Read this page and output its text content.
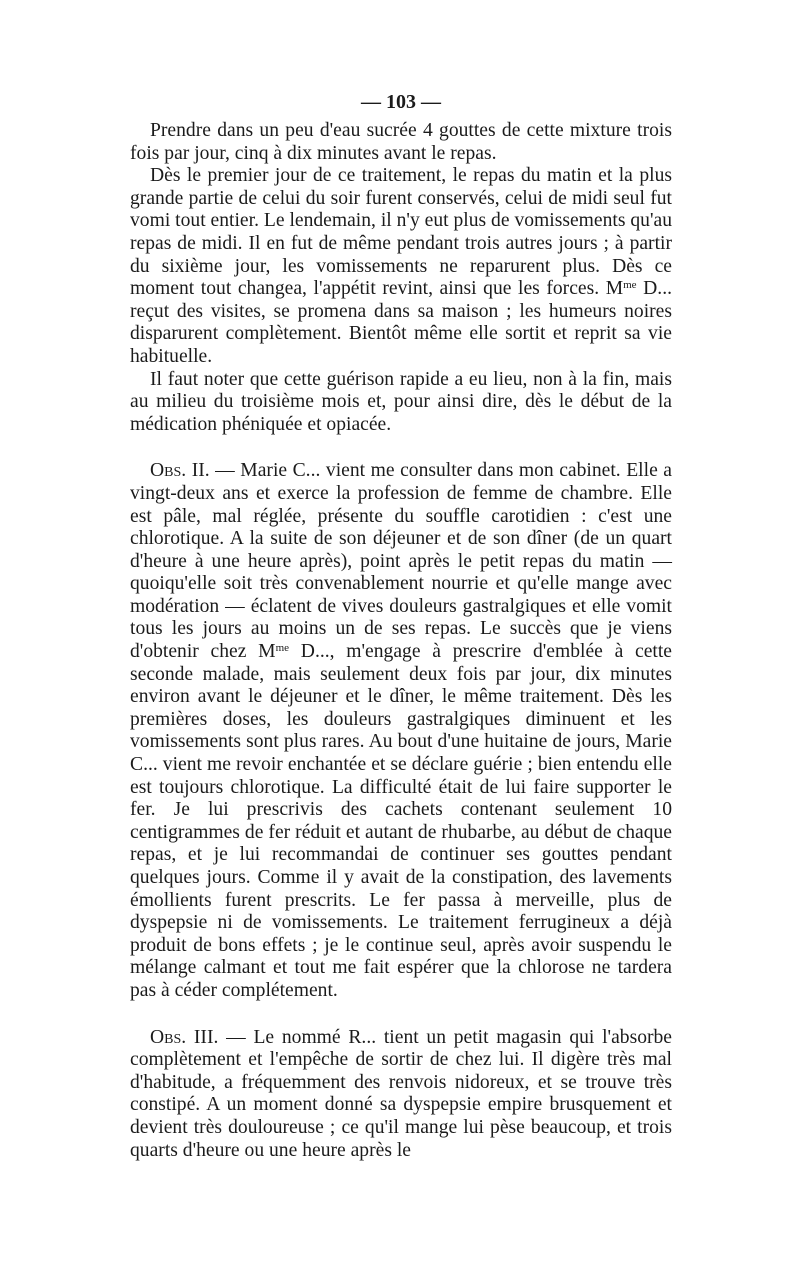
— 103 —

Prendre dans un peu d'eau sucrée 4 gouttes de cette mixture trois fois par jour, cinq à dix minutes avant le repas.

Dès le premier jour de ce traitement, le repas du matin et la plus grande partie de celui du soir furent conservés, celui de midi seul fut vomi tout entier. Le lendemain, il n'y eut plus de vomissements qu'au repas de midi. Il en fut de même pendant trois autres jours ; à partir du sixième jour, les vomissements ne reparurent plus. Dès ce moment tout changea, l'appétit revint, ainsi que les forces. $M^{me}$ D... reçut des visites, se promena dans sa maison ; les humeurs noires disparurent complètement. Bientôt même elle sortit et reprit sa vie habituelle.

Il faut noter que cette guérison rapide a eu lieu, non à la fin, mais au milieu du troisième mois et, pour ainsi dire, dès le début de la médication phéniquée et opiacée.

Obs. II. — Marie C... vient me consulter dans mon cabinet. Elle a vingt-deux ans et exerce la profession de femme de chambre. Elle est pâle, mal réglée, présente du souffle carotidien : c'est une chlorotique. A la suite de son déjeuner et de son dîner (de un quart d'heure à une heure après), point après le petit repas du matin — quoiqu'elle soit très convenablement nourrie et qu'elle mange avec modération — éclatent de vives douleurs gastralgiques et elle vomit tous les jours au moins un de ses repas. Le succès que je viens d'obtenir chez $M^{me}$ D..., m'engage à prescrire d'emblée à cette seconde malade, mais seulement deux fois par jour, dix minutes environ avant le déjeuner et le dîner, le même traitement. Dès les premières doses, les douleurs gastralgiques diminuent et les vomissements sont plus rares. Au bout d'une huitaine de jours, Marie C... vient me revoir enchantée et se déclare guérie ; bien entendu elle est toujours chlorotique. La difficulté était de lui faire supporter le fer. Je lui prescrivis des cachets contenant seulement 10 centigrammes de fer réduit et autant de rhubarbe, au début de chaque repas, et je lui recommandai de continuer ses gouttes pendant quelques jours. Comme il y avait de la constipation, des lavements émollients furent prescrits. Le fer passa à merveille, plus de dyspepsie ni de vomissements. Le traitement ferrugineux a déjà produit de bons effets ; je le continue seul, après avoir suspendu le mélange calmant et tout me fait espérer que la chlorose ne tardera pas à céder complétement.

Obs. III. — Le nommé R... tient un petit magasin qui l'absorbe complètement et l'empêche de sortir de chez lui. Il digère très mal d'habitude, a fréquemment des renvois nidoreux, et se trouve très constipé. A un moment donné sa dyspepsie empire brusquement et devient très douloureuse ; ce qu'il mange lui pèse beaucoup, et trois quarts d'heure ou une heure après le
